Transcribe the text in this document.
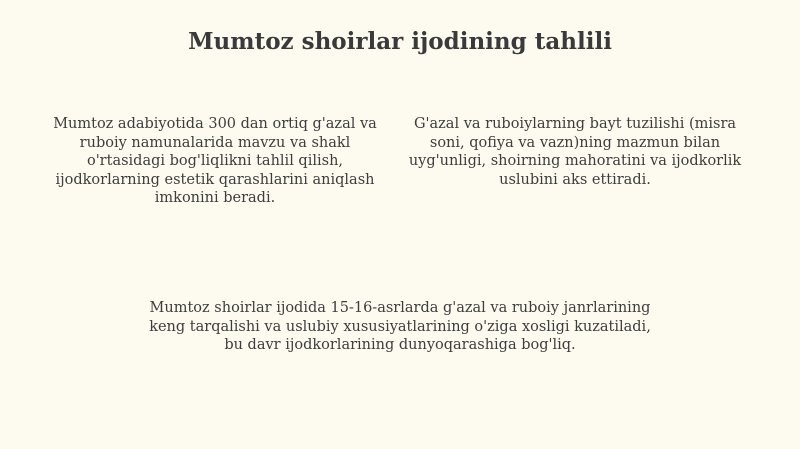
Mumtoz shoirlar ijodining tahlili

Mumtoz adabiyotida 300 dan ortiq g'azal va ruboiy namunalarida mavzu va shakl o'rtasidagi bog'liqlikni tahlil qilish, ijodkorlarning estetik qarashlarini aniqlash imkonini beradi.

G'azal va ruboiylarning bayt tuzilishi (misra soni, qofiya va vazn)ning mazmun bilan uyg'unligi, shoirning mahoratini va ijodkorlik uslubini aks ettiradi.

Mumtoz shoirlar ijodida 15-16-asrlarda g'azal va ruboiy janrlarining keng tarqalishi va uslubiy xususiyatlarining o'ziga xosligi kuzatiladi, bu davr ijodkorlarining dunyoqarashiga bog'liq.
